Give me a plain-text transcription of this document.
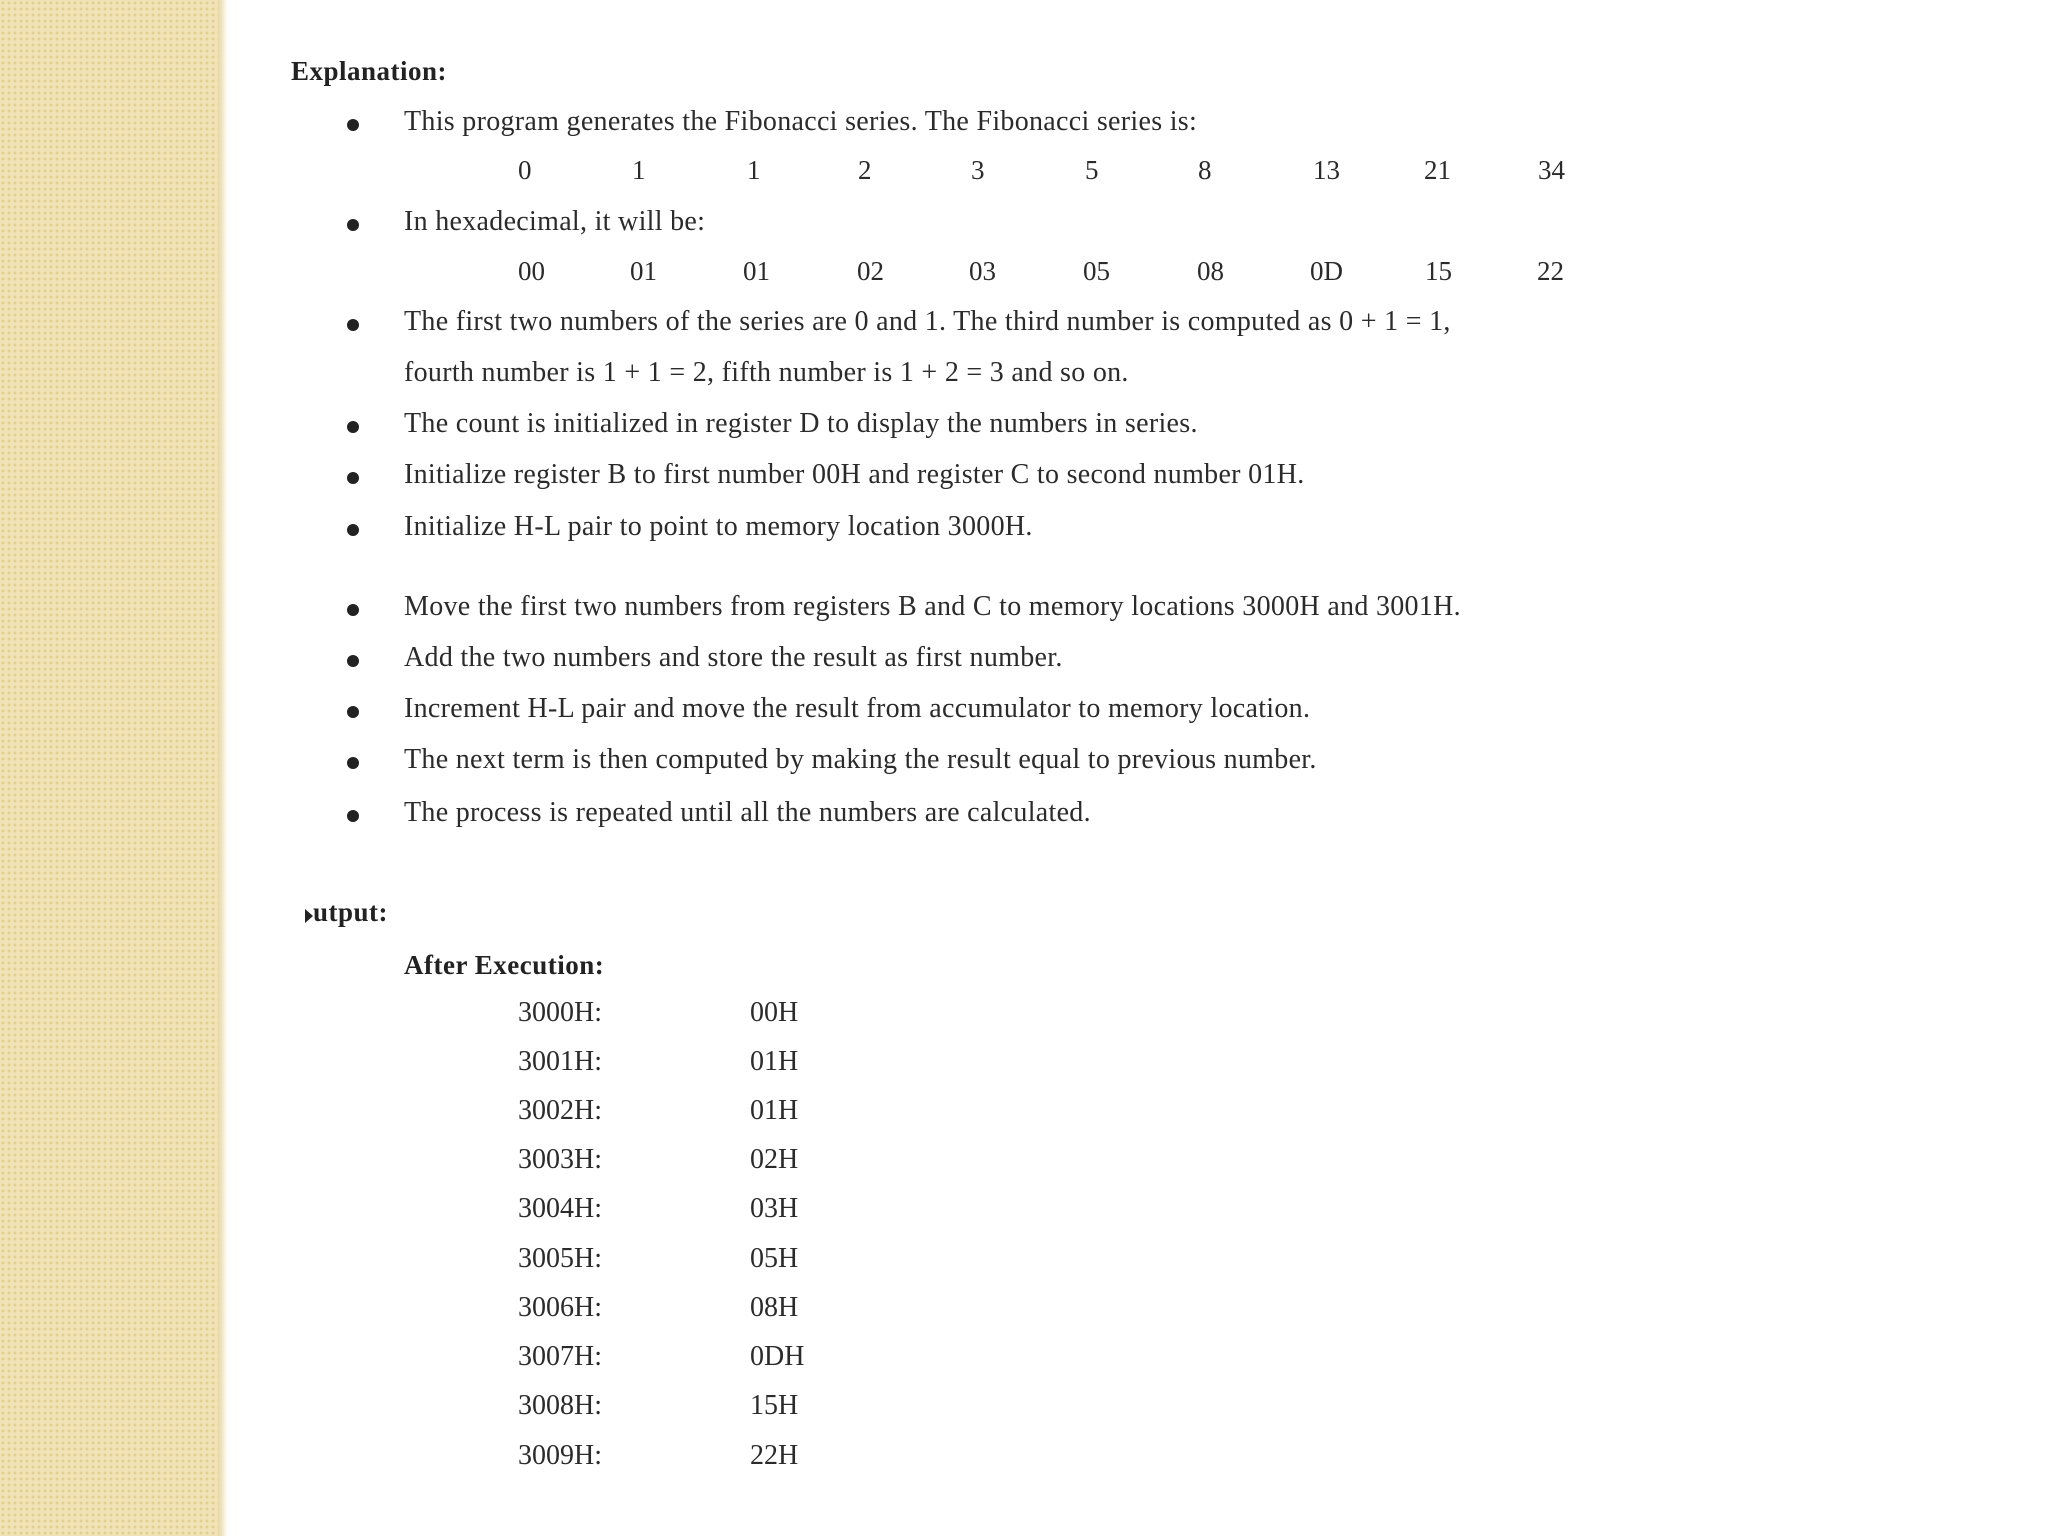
Explanation:
This program generates the Fibonacci series. The Fibonacci series is:
0	1	1	2	3	5	8	13	21	34
In hexadecimal, it will be:
00	01	01	02	03	05	08	0D	15	22
The first two numbers of the series are 0 and 1. The third number is computed as 0 + 1 = 1,
fourth number is 1 + 1 = 2, fifth number is 1 + 2 = 3 and so on.
The count is initialized in register D to display the numbers in series.
Initialize register B to first number 00H and register C to second number 01H.
Initialize H-L pair to point to memory location 3000H.
Move the first two numbers from registers B and C to memory locations 3000H and 3001H.
Add the two numbers and store the result as first number.
Increment H-L pair and move the result from accumulator to memory location.
The next term is then computed by making the result equal to previous number.
The process is repeated until all the numbers are calculated.
utput:
After Execution:
3000H:	00H
3001H:	01H
3002H:	01H
3003H:	02H
3004H:	03H
3005H:	05H
3006H:	08H
3007H:	0DH
3008H:	15H
3009H:	22H
